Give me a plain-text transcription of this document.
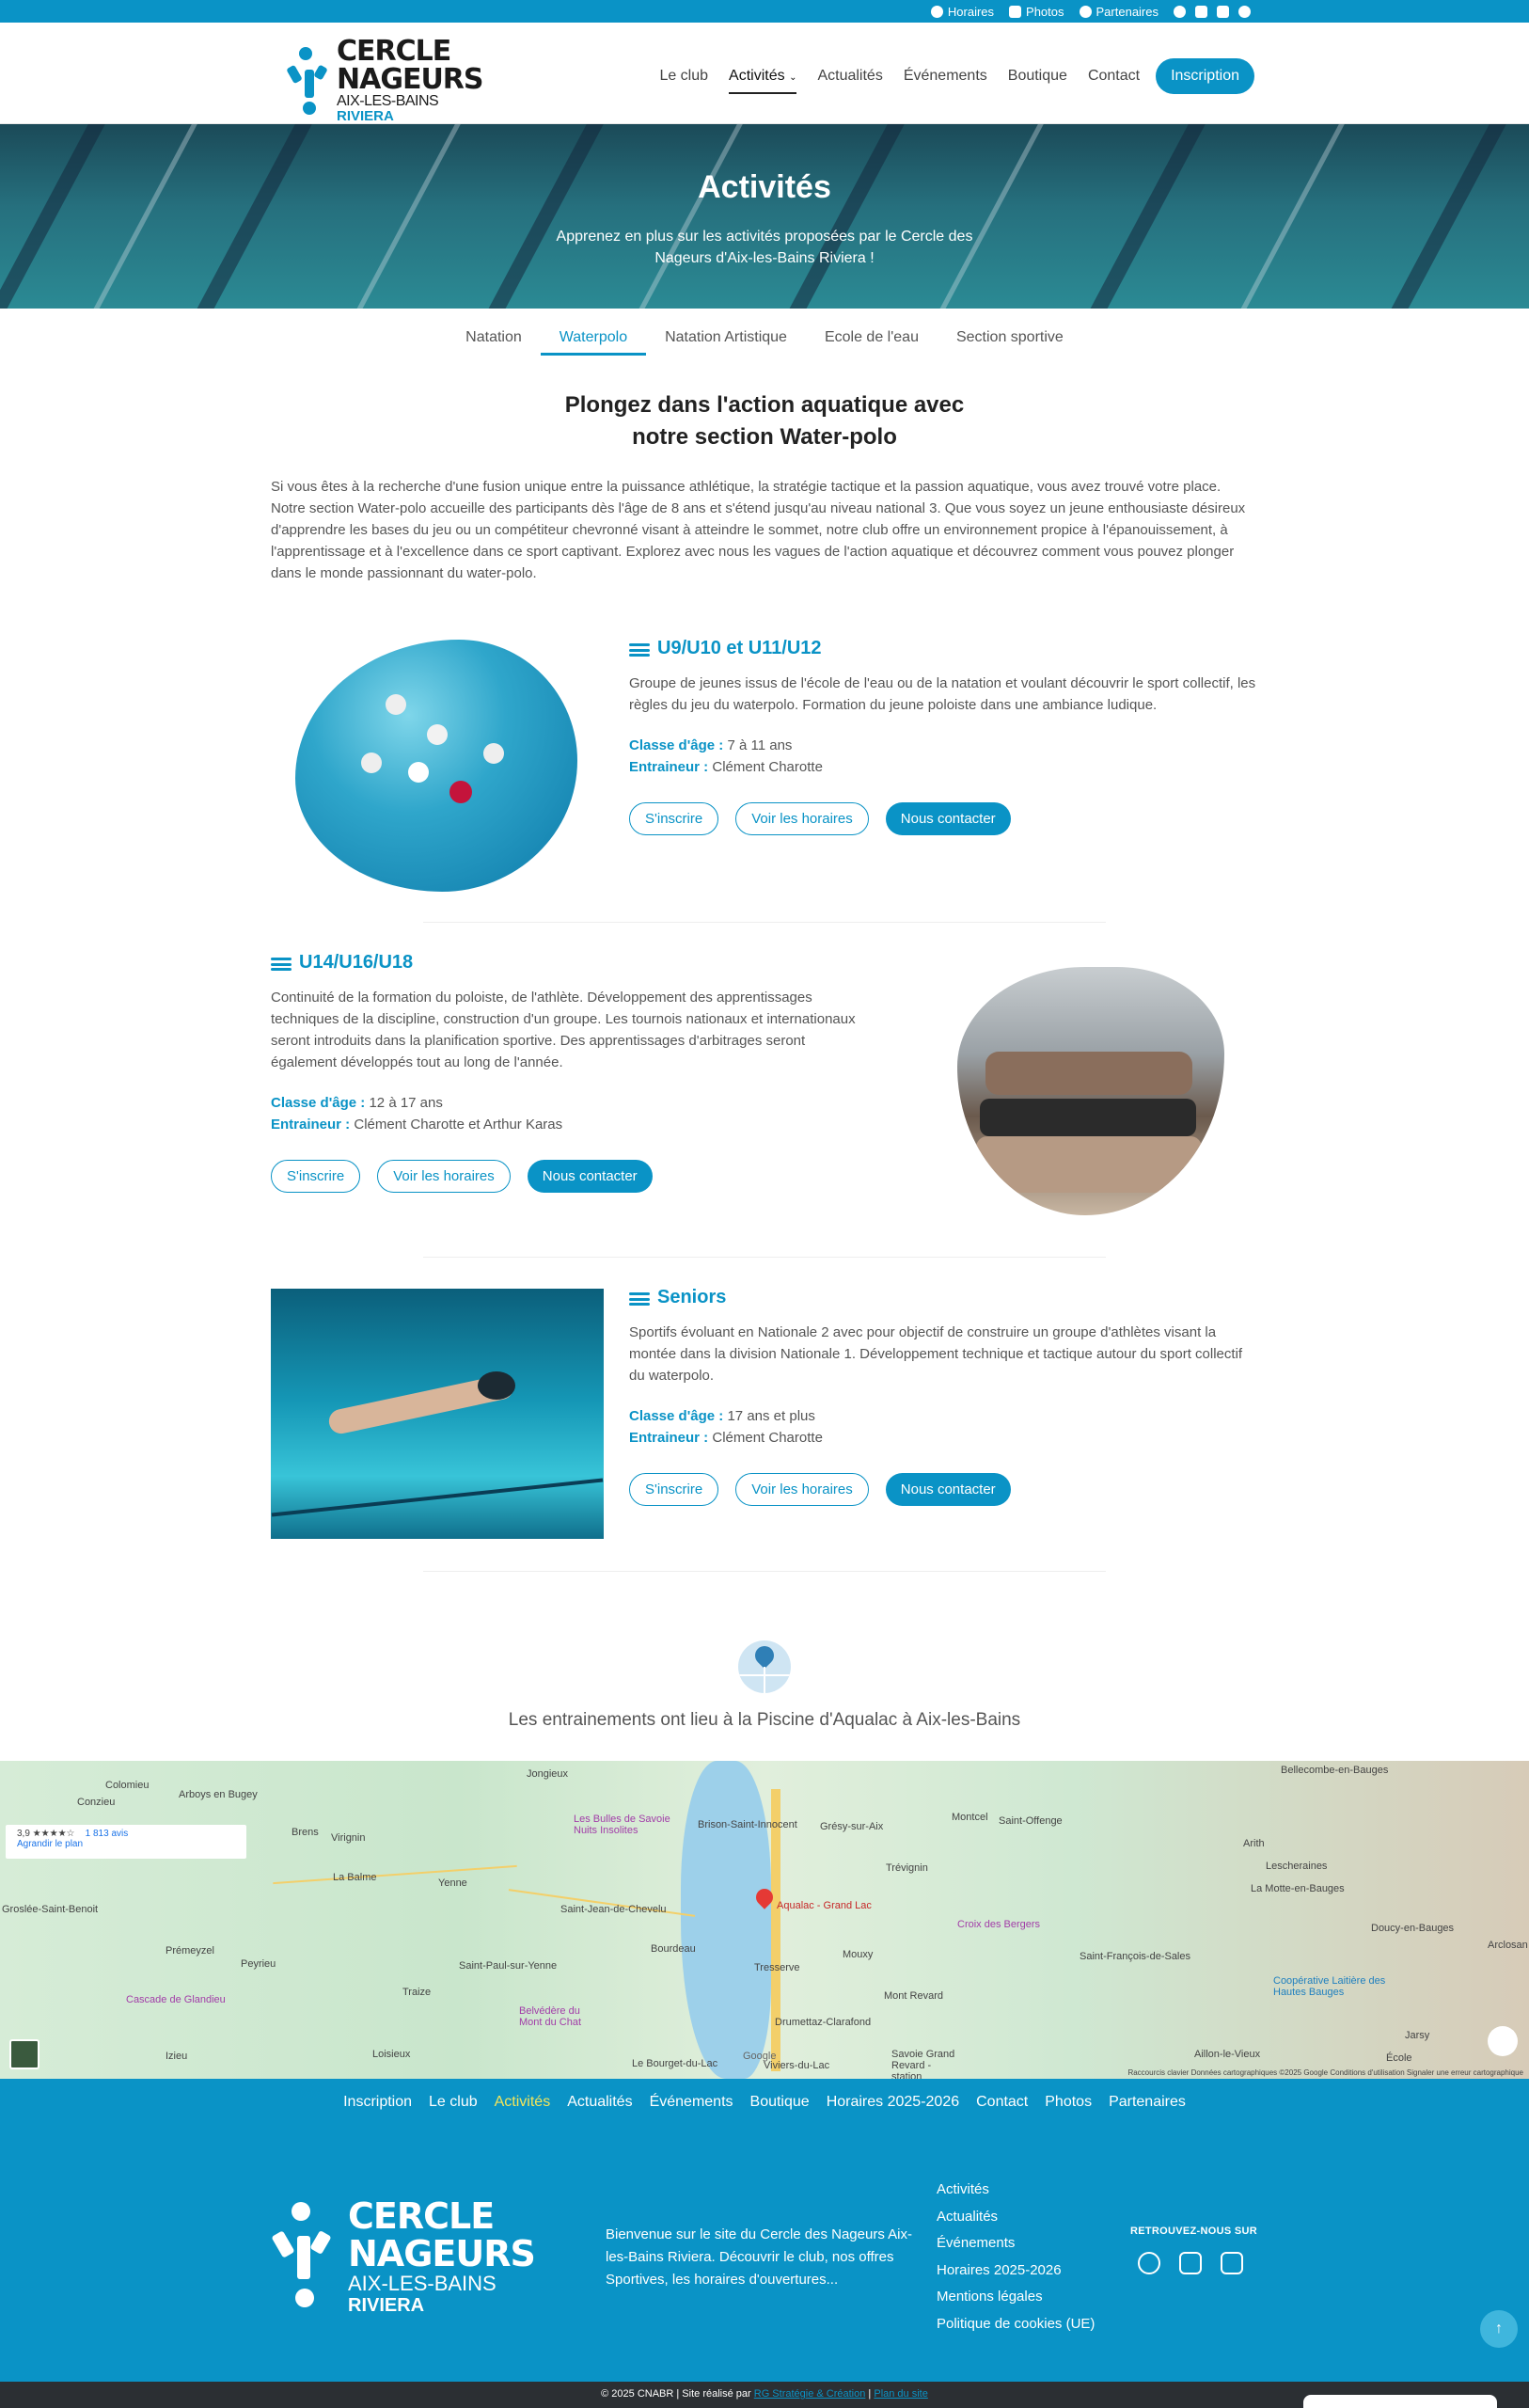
Horaires	Photos	Partenaires
CERCLE
NAGEURS
AIX-LES-BAINS
RIVIERA
Le club	Activités ⌄	Actualités	Événements	Boutique	Contact	Inscription
Activités

Apprenez en plus sur les activités proposées par le Cercle des Nageurs d'Aix-les-Bains Riviera !

Natation	Waterpolo	Natation Artistique	Ecole de l'eau	Section sportive
Plongez dans l'action aquatique avec
notre section Water-polo

Si vous êtes à la recherche d'une fusion unique entre la puissance athlétique, la stratégie tactique et la passion aquatique, vous avez trouvé votre place. Notre section Water-polo accueille des participants dès l'âge de 8 ans et s'étend jusqu'au niveau national 3. Que vous soyez un jeune enthousiaste désireux d'apprendre les bases du jeu ou un compétiteur chevronné visant à atteindre le sommet, notre club offre un environnement propice à l'épanouissement, à l'apprentissage et à l'excellence dans ce sport captivant. Explorez avec nous les vagues de l'action aquatique et découvrez comment vous pouvez plonger dans le monde passionnant du water-polo.

U9/U10 et U11/U12

Groupe de jeunes issus de l'école de l'eau ou de la natation et voulant découvrir le sport collectif, les règles du jeu du waterpolo. Formation du jeune poloiste dans une ambiance ludique.

Classe d'âge : 7 à 11 ans
Entraineur : Clément Charotte
S'inscrire	Voir les horaires	Nous contacter
U14/U16/U18

Continuité de la formation du poloiste, de l'athlète. Développement des apprentissages techniques de la discipline, construction d'un groupe. Les tournois nationaux et internationaux seront introduits dans la planification sportive. Des apprentissages d'arbitrages seront également développés tout au long de l'année.

Classe d'âge : 12 à 17 ans
Entraineur : Clément Charotte et Arthur Karas
S'inscrire	Voir les horaires	Nous contacter
Seniors

Sportifs évoluant en Nationale 2 avec pour objectif de construire un groupe d'athlètes visant la montée dans la division Nationale 1. Développement technique et tactique autour du sport collectif du waterpolo.

Classe d'âge : 17 ans et plus
Entraineur : Clément Charotte
S'inscrire	Voir les horaires	Nous contacter

Les entrainements ont lieu à la Piscine d'Aqualac à Aix-les-Bains

3,9 ★★★★☆ 1 813 avis
Agrandir le plan
Colomieu
Conzieu
Arboys en Bugey
Jongieux
Brens Virignin
La Balme	Yenne
Saint-Jean-de-Chevelu
Brison-Saint-Innocent Grésy-sur-Aix
Montcel Saint-Offenge
Bellecombe-en-Bauges
Arith
Lescheraines
Trévignin
La Motte-en-Bauges
Groslée-Saint-Benoit
Prémeyzel
Peyrieu	Saint-Paul-sur-Yenne
Traize
Bourdeau
Tresserve
Mouxy
Doucy-en-Bauges
Saint-François-de-Sales
Izieu	Loisieux
Le Bourget-du-Lac	Viviers-du-Lac
Drumettaz-Clarafond
Mont Revard
Aillon-le-Vieux
Jarsy
École
Arclosan
Les Bulles de Savoie Nuits Insolites
Cascade de Glandieu
Belvédère du Mont du Chat
Croix des Bergers
Coopérative Laitière des Hautes Bauges
Savoie Grand Revard - station
Aqualac - Grand Lac
Google
Raccourcis clavier Données cartographiques ©2025 Google Conditions d'utilisation Signaler une erreur cartographique
Inscription Le club Activités Actualités Événements Boutique Horaires 2025-2026 Contact Photos Partenaires
CERCLE
NAGEURS
AIX-LES-BAINS
RIVIERA

Bienvenue sur le site du Cercle des Nageurs Aix-les-Bains Riviera. Découvrir le club, nos offres Sportives, les horaires d'ouvertures...

Activités
Actualités
Événements
Horaires 2025-2026
Mentions légales
Politique de cookies (UE)
RETROUVEZ-NOUS SUR
↑
© 2025 CNABR | Site réalisé par RG Stratégie & Création | Plan du site
